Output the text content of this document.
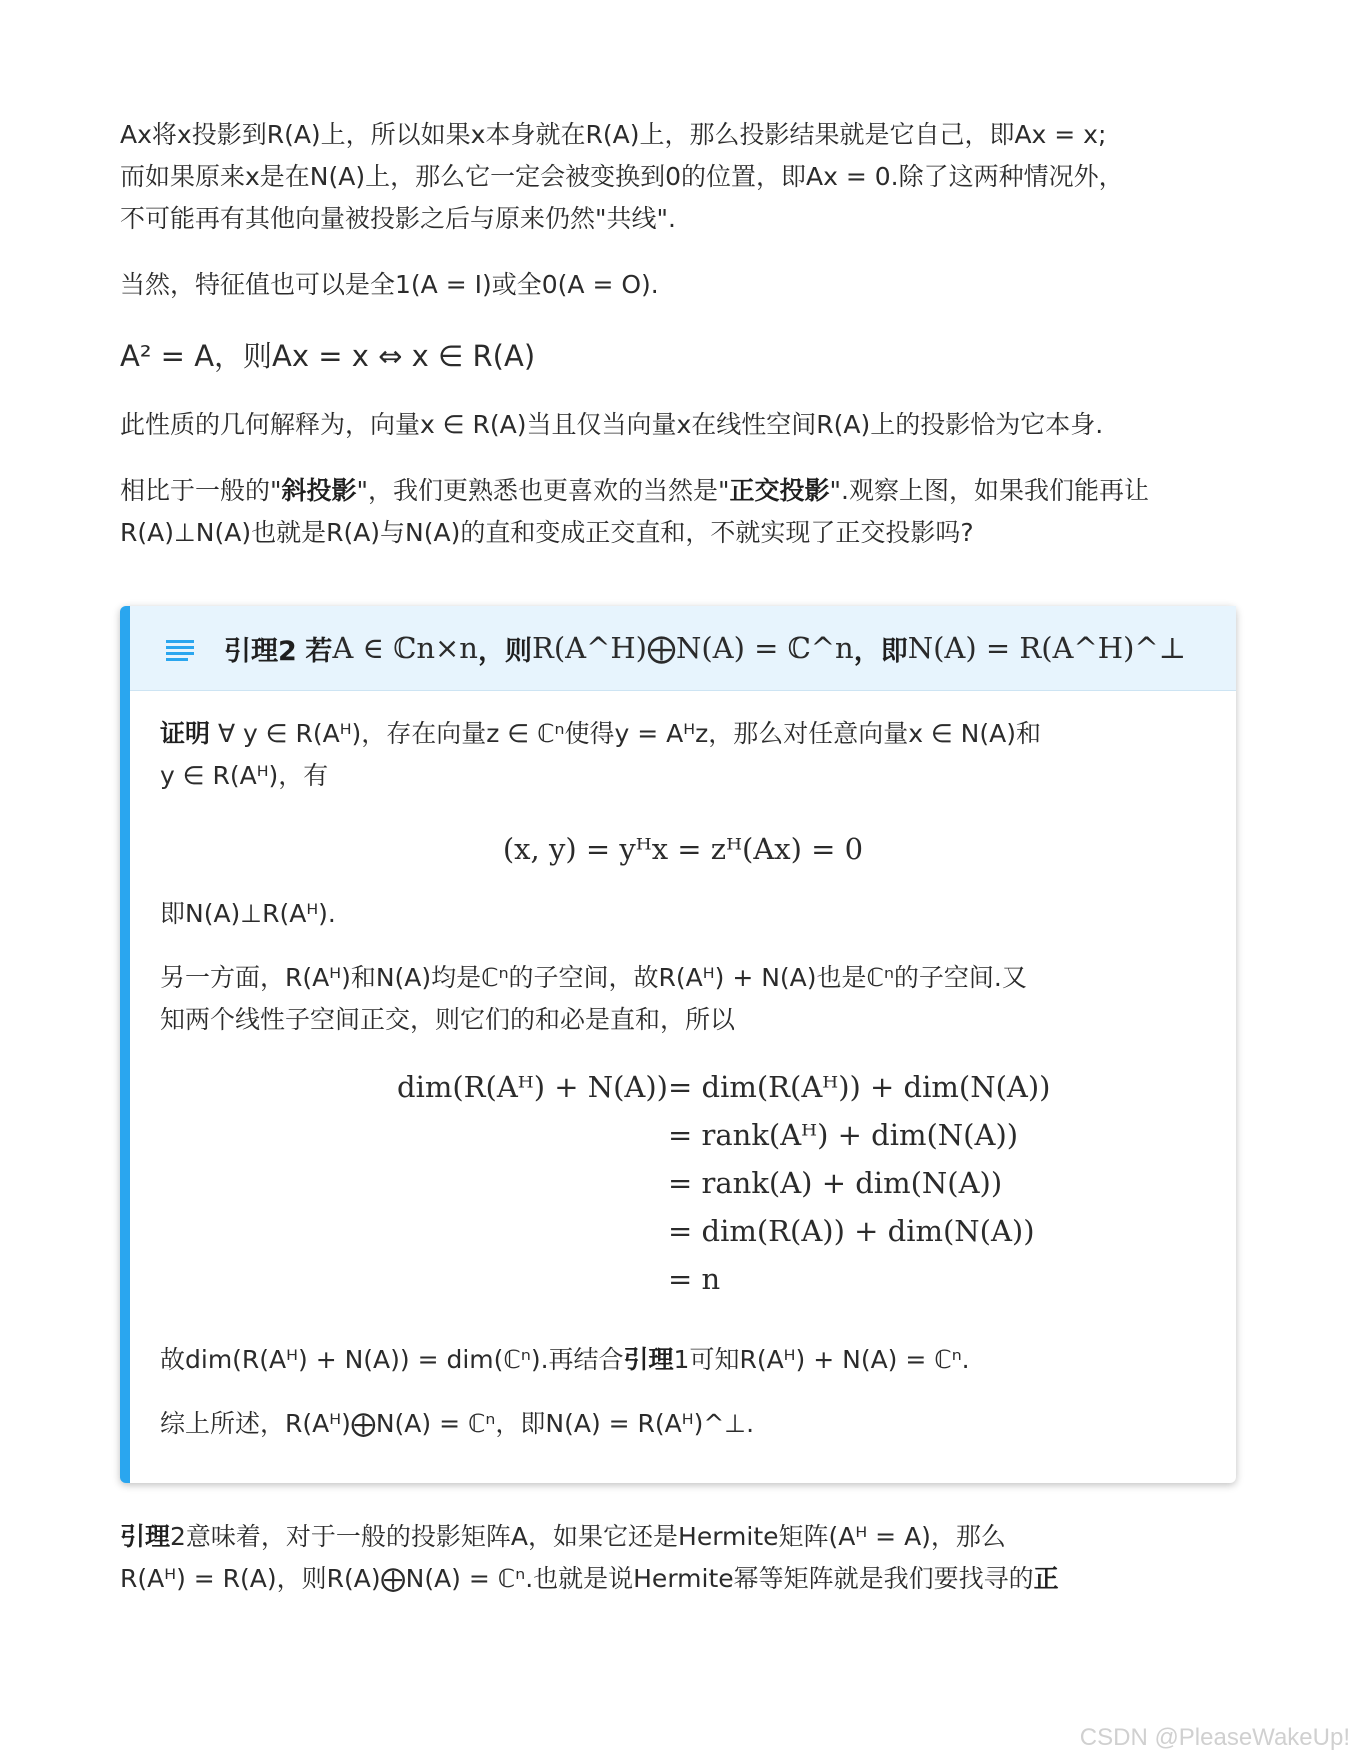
Ax将x投影到R(A)上，所以如果x本身就在R(A)上，那么投影结果就是它自己，即Ax = x;
而如果原来x是在N(A)上，那么它一定会被变换到0的位置，即Ax = 0.除了这两种情况外，
不可能再有其他向量被投影之后与原来仍然"共线".

当然，特征值也可以是全1(A = I)或全0(A = O).

A² = A，则Ax = x ⇔ x ∈ R(A)

此性质的几何解释为，向量x ∈ R(A)当且仅当向量x在线性空间R(A)上的投影恰为它本身.

相比于一般的"斜投影"，我们更熟悉也更喜欢的当然是"正交投影".观察上图，如果我们能再让
R(A)⊥N(A)也就是R(A)与N(A)的直和变成正交直和，不就实现了正交投影吗?

引理2
若 A ∈ ℂ n×n ，则 R(A^H)⨁N(A) = ℂ^n ，即 N(A) = R(A^H)^⊥

证明 ∀ y ∈ R(Aᴴ)，存在向量z ∈ ℂⁿ使得y = Aᴴz，那么对任意向量x ∈ N(A)和
y ∈ R(Aᴴ)，有

(x, y) = yᴴx = zᴴ(Ax) = 0

即N(A)⊥R(Aᴴ).

另一方面，R(Aᴴ)和N(A)均是ℂⁿ的子空间，故R(Aᴴ) + N(A)也是ℂⁿ的子空间.又
知两个线性子空间正交，则它们的和必是直和，所以

dim(R(Aᴴ) + N(A)) = dim(R(Aᴴ)) + dim(N(A))
= rank(Aᴴ) + dim(N(A))
= rank(A) + dim(N(A))
= dim(R(A)) + dim(N(A))
= n

故dim(R(Aᴴ) + N(A)) = dim(ℂⁿ).再结合引理1可知R(Aᴴ) + N(A) = ℂⁿ.

综上所述，R(Aᴴ)⨁N(A) = ℂⁿ，即N(A) = R(Aᴴ)^⊥.

引理2意味着，对于一般的投影矩阵A，如果它还是Hermite矩阵(Aᴴ = A)，那么
R(Aᴴ) = R(A)，则R(A)⨁N(A) = ℂⁿ.也就是说Hermite幂等矩阵就是我们要找寻的正

CSDN @PleaseWakeUp!
